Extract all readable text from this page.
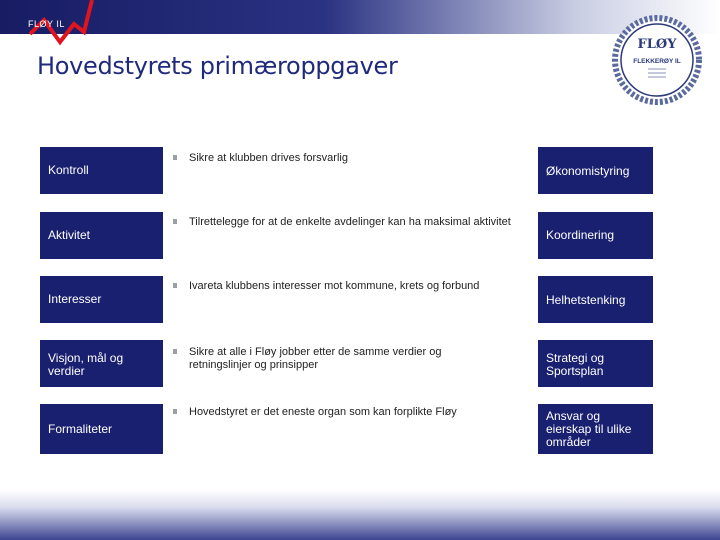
FLØY IL
Hovedstyrets primæroppgaver
FLØY
FLEKKERØY IL
Kontroll
Sikre at klubben drives forsvarlig
Økonomistyring
Aktivitet
Tilrettelegge for at de enkelte avdelinger kan ha maksimal aktivitet
Koordinering
Interesser
Ivareta klubbens interesser mot kommune, krets og forbund
Helhetstenking
Visjon, mål og verdier
Sikre at alle i Fløy jobber etter de samme verdier og retningslinjer og prinsipper	Strategi og Sportsplan
Formaliteter
Hovedstyret er det eneste organ som kan forplikte Fløy	Ansvar og eierskap til ulike områder
